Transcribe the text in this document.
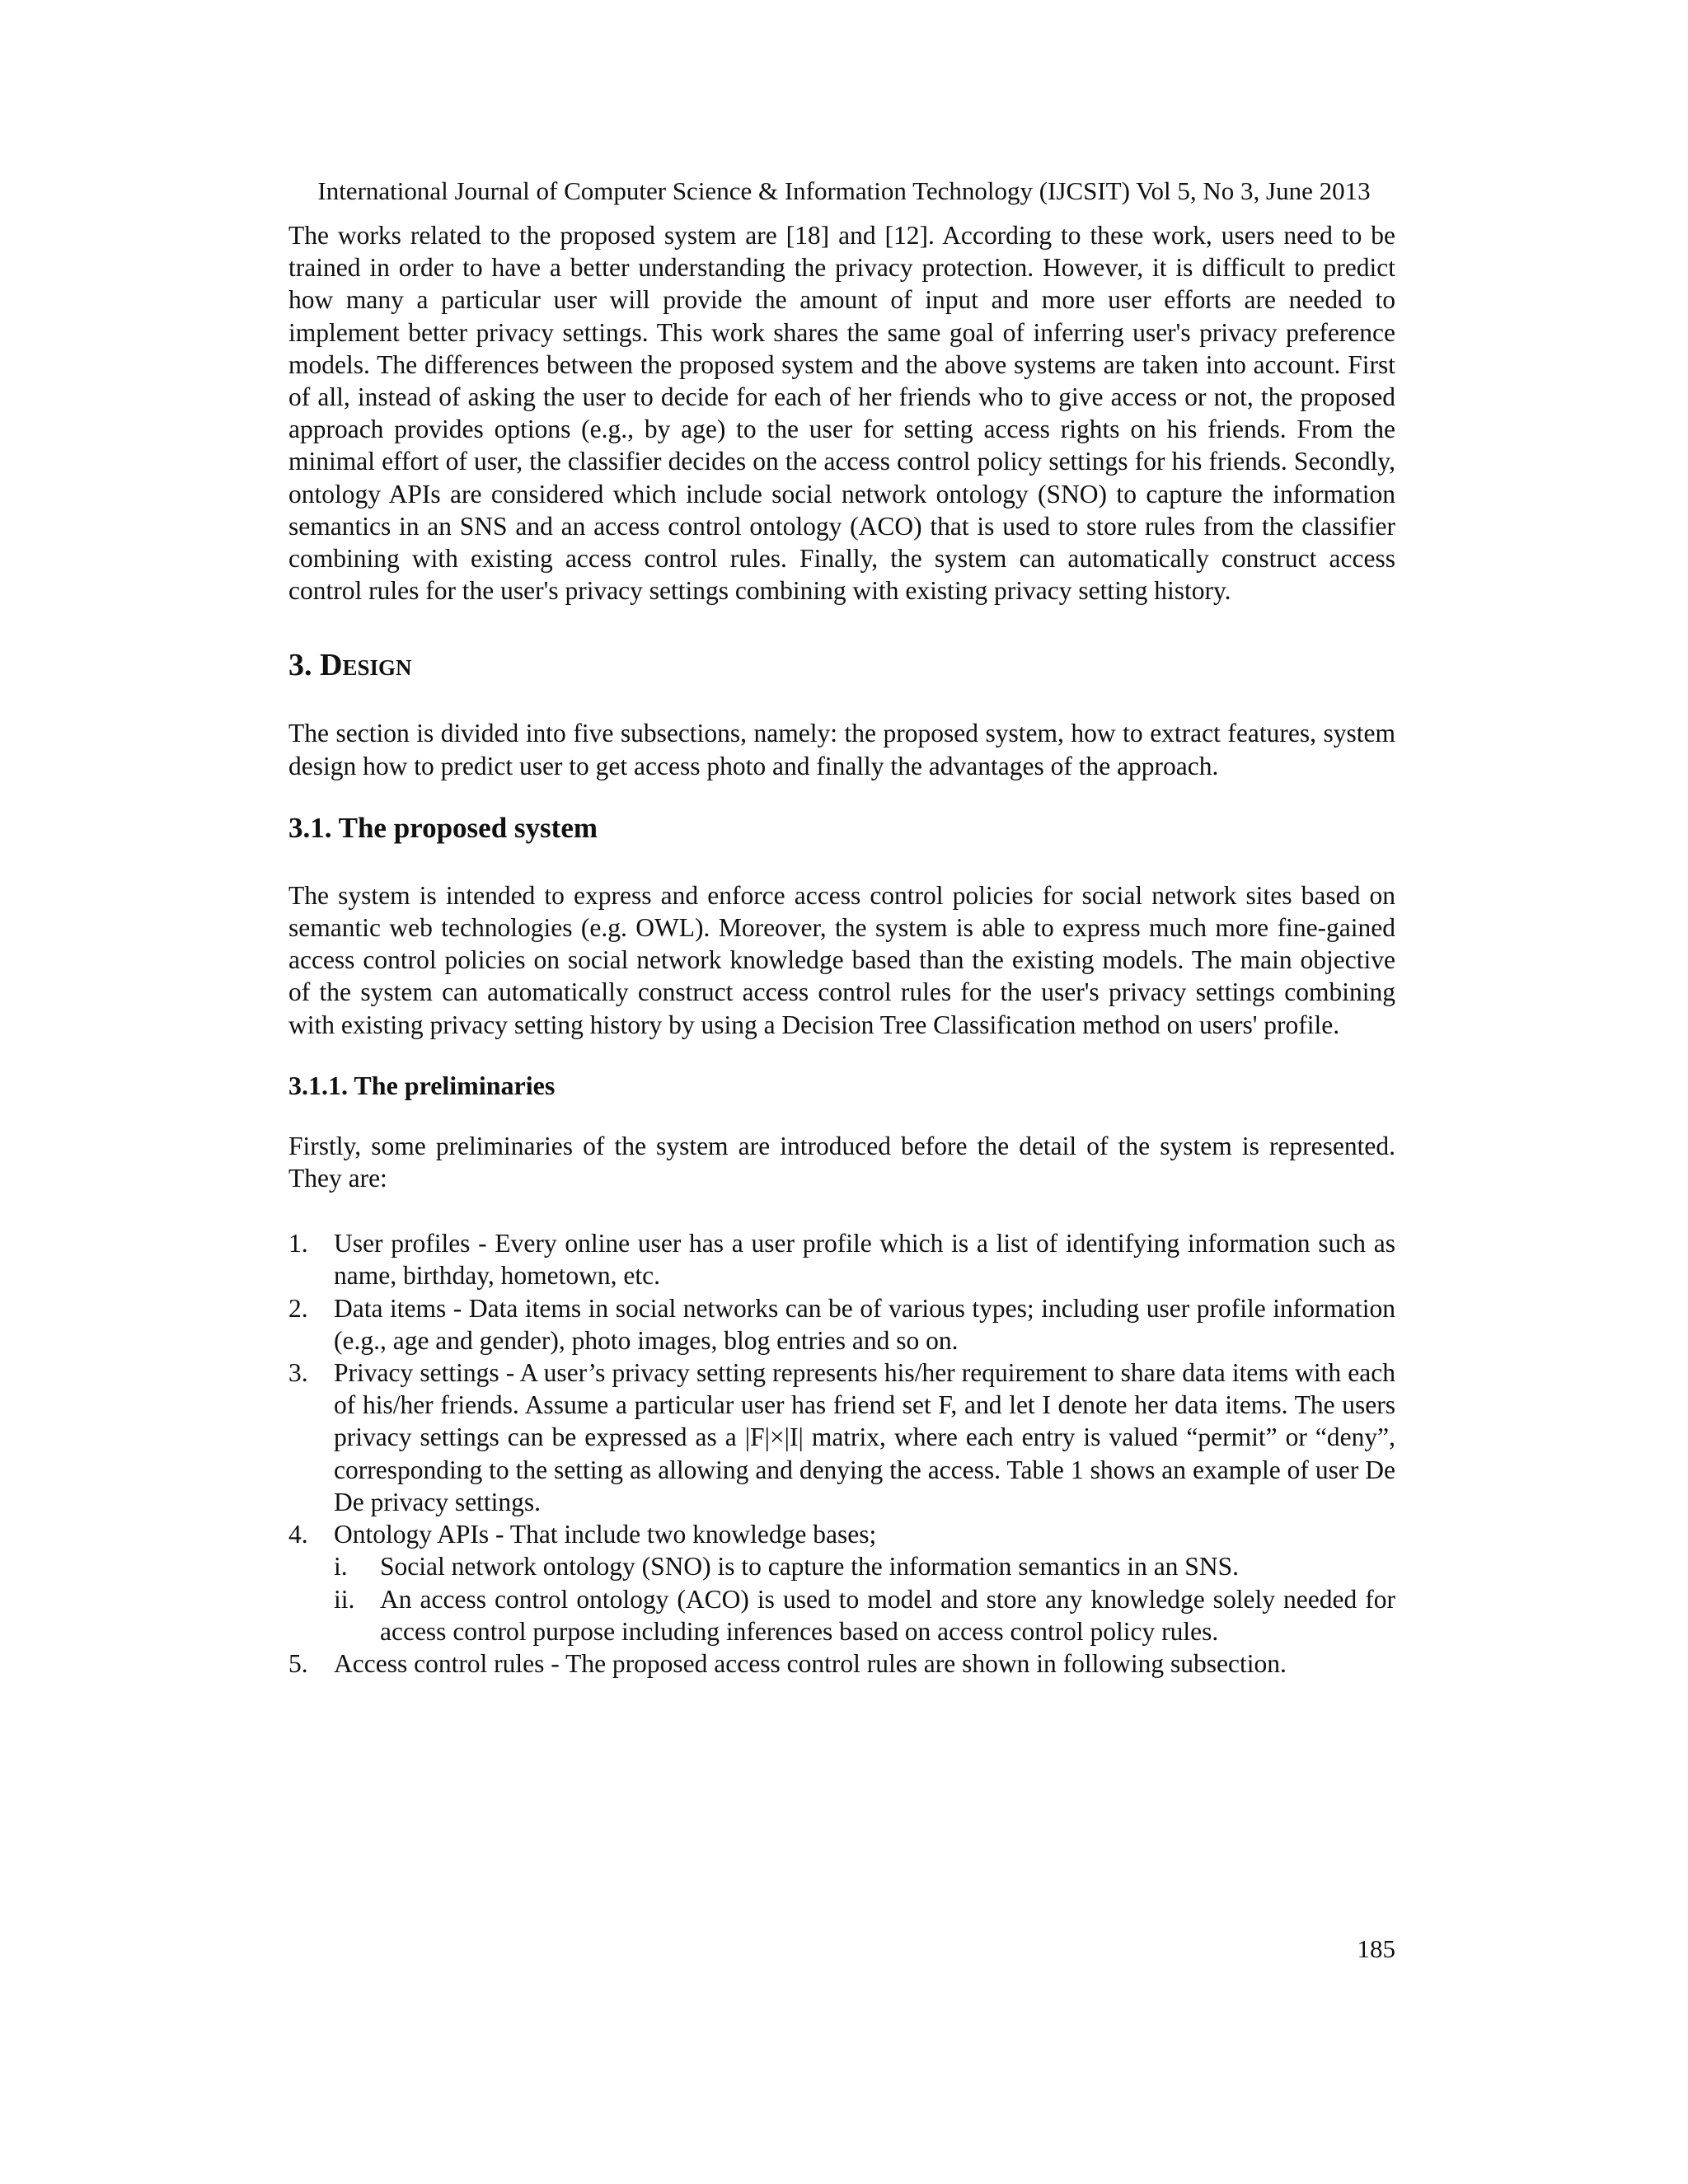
International Journal of Computer Science & Information Technology (IJCSIT) Vol 5, No 3, June 2013

The works related to the proposed system are [18] and [12]. According to these work, users need to be trained in order to have a better understanding the privacy protection. However, it is difficult to predict how many a particular user will provide the amount of input and more user efforts are needed to implement better privacy settings. This work shares the same goal of inferring user's privacy preference models. The differences between the proposed system and the above systems are taken into account. First of all, instead of asking the user to decide for each of her friends who to give access or not, the proposed approach provides options (e.g., by age) to the user for setting access rights on his friends. From the minimal effort of user, the classifier decides on the access control policy settings for his friends. Secondly, ontology APIs are considered which include social network ontology (SNO) to capture the information semantics in an SNS and an access control ontology (ACO) that is used to store rules from the classifier combining with existing access control rules. Finally, the system can automatically construct access control rules for the user's privacy settings combining with existing privacy setting history.

3. Design

The section is divided into five subsections, namely: the proposed system, how to extract features, system design how to predict user to get access photo and finally the advantages of the approach.

3.1. The proposed system

The system is intended to express and enforce access control policies for social network sites based on semantic web technologies (e.g. OWL). Moreover, the system is able to express much more fine-gained access control policies on social network knowledge based than the existing models. The main objective of the system can automatically construct access control rules for the user's privacy settings combining with existing privacy setting history by using a Decision Tree Classification method on users' profile.

3.1.1. The preliminaries

Firstly, some preliminaries of the system are introduced before the detail of the system is represented. They are:

1. User profiles - Every online user has a user profile which is a list of identifying information such as name, birthday, hometown, etc.
2. Data items - Data items in social networks can be of various types; including user profile information (e.g., age and gender), photo images, blog entries and so on.
3. Privacy settings - A user’s privacy setting represents his/her requirement to share data items with each of his/her friends. Assume a particular user has friend set F, and let I denote her data items. The users privacy settings can be expressed as a |F|×|I| matrix, where each entry is valued “permit” or “deny”, corresponding to the setting as allowing and denying the access. Table 1 shows an example of user De De privacy settings.
4. Ontology APIs - That include two knowledge bases;
i. Social network ontology (SNO) is to capture the information semantics in an SNS.
ii. An access control ontology (ACO) is used to model and store any knowledge solely needed for access control purpose including inferences based on access control policy rules.
5. Access control rules - The proposed access control rules are shown in following subsection.
185
